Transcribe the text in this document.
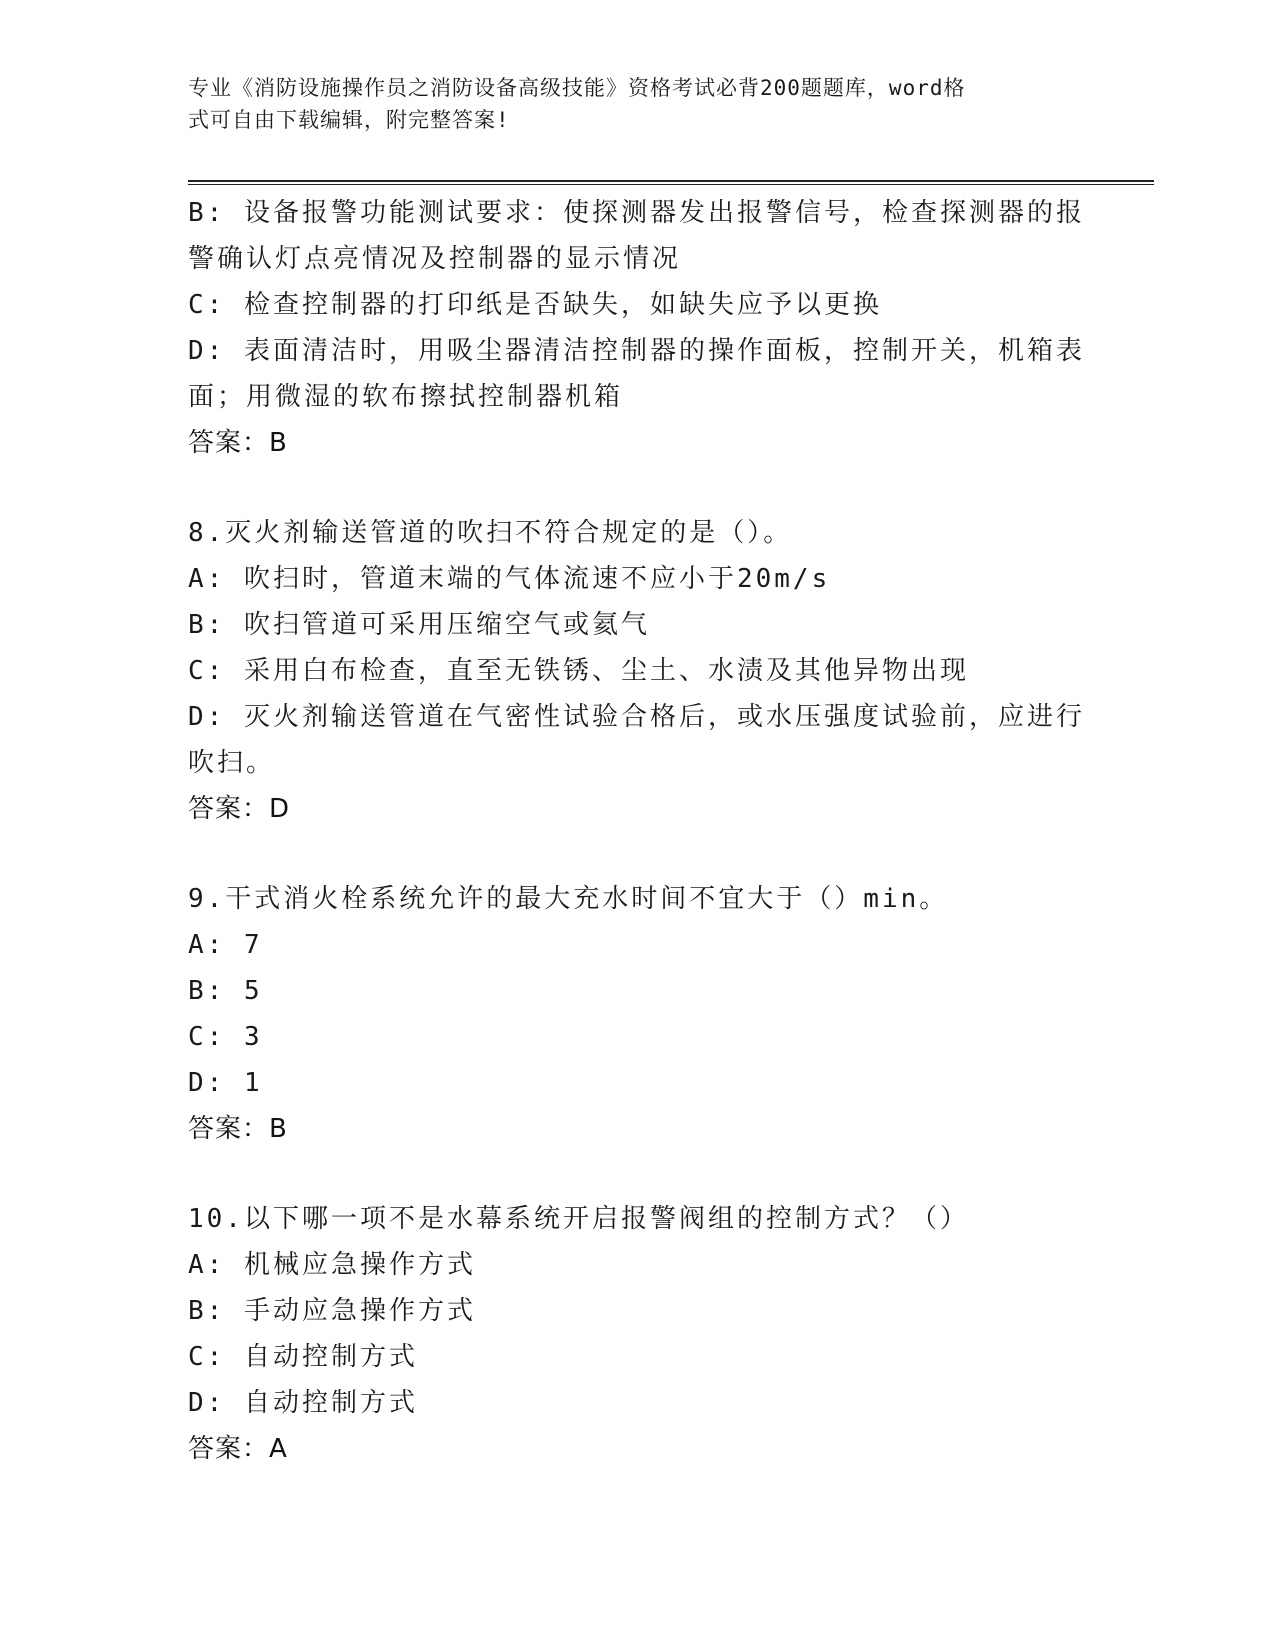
专业《消防设施操作员之消防设备高级技能》资格考试必背200题题库，word格
式可自由下载编辑，附完整答案!
B: 设备报警功能测试要求：使探测器发出报警信号，检查探测器的报
警确认灯点亮情况及控制器的显示情况
C: 检查控制器的打印纸是否缺失，如缺失应予以更换
D: 表面清洁时，用吸尘器清洁控制器的操作面板，控制开关，机箱表
面；用微湿的软布擦拭控制器机箱
答案：B
8.灭火剂输送管道的吹扫不符合规定的是（）。
A: 吹扫时，管道末端的气体流速不应小于20m/s
B: 吹扫管道可采用压缩空气或氦气
C: 采用白布检查，直至无铁锈、尘土、水渍及其他异物出现
D: 灭火剂输送管道在气密性试验合格后，或水压强度试验前，应进行
吹扫。
答案：D
9.干式消火栓系统允许的最大充水时间不宜大于（）min。
A: 7
B: 5
C: 3
D: 1
答案：B
10.以下哪一项不是水幕系统开启报警阀组的控制方式？（）
A: 机械应急操作方式
B: 手动应急操作方式
C: 自动控制方式
D: 自动控制方式
答案：A
